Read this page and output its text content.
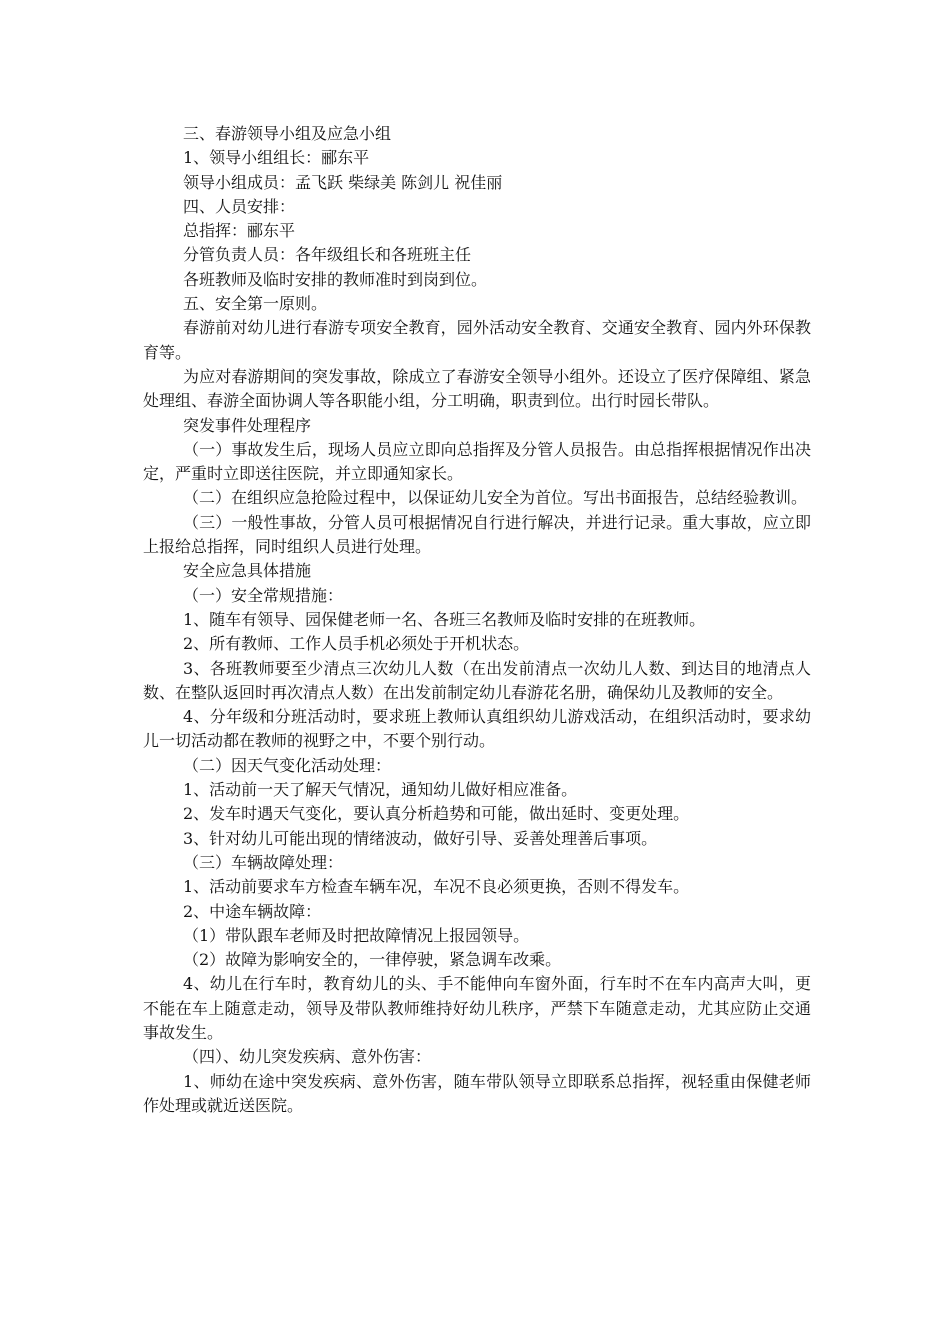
三、春游领导小组及应急小组

1、领导小组组长：郦东平

领导小组成员：孟飞跃 柴绿美 陈剑儿 祝佳丽

四、人员安排：

总指挥：郦东平

分管负责人员：各年级组长和各班班主任

各班教师及临时安排的教师准时到岗到位。

五、安全第一原则。

春游前对幼儿进行春游专项安全教育，园外活动安全教育、交通安全教育、园内外环保教育等。

为应对春游期间的突发事故，除成立了春游安全领导小组外。还设立了医疗保障组、紧急处理组、春游全面协调人等各职能小组，分工明确，职责到位。出行时园长带队。

突发事件处理程序

（一）事故发生后，现场人员应立即向总指挥及分管人员报告。由总指挥根据情况作出决定，严重时立即送往医院，并立即通知家长。

（二）在组织应急抢险过程中，以保证幼儿安全为首位。写出书面报告，总结经验教训。

（三）一般性事故，分管人员可根据情况自行进行解决，并进行记录。重大事故，应立即上报给总指挥，同时组织人员进行处理。

安全应急具体措施

（一）安全常规措施：

1、随车有领导、园保健老师一名、各班三名教师及临时安排的在班教师。

2、所有教师、工作人员手机必须处于开机状态。

3、各班教师要至少清点三次幼儿人数（在出发前清点一次幼儿人数、到达目的地清点人数、在整队返回时再次清点人数）在出发前制定幼儿春游花名册，确保幼儿及教师的安全。

4、分年级和分班活动时，要求班上教师认真组织幼儿游戏活动，在组织活动时，要求幼儿一切活动都在教师的视野之中，不要个别行动。

（二）因天气变化活动处理：

1、活动前一天了解天气情况，通知幼儿做好相应准备。

2、发车时遇天气变化，要认真分析趋势和可能，做出延时、变更处理。

3、针对幼儿可能出现的情绪波动，做好引导、妥善处理善后事项。

（三）车辆故障处理：

1、活动前要求车方检查车辆车况，车况不良必须更换，否则不得发车。

2、中途车辆故障：

（1）带队跟车老师及时把故障情况上报园领导。

（2）故障为影响安全的，一律停驶，紧急调车改乘。

4、幼儿在行车时，教育幼儿的头、手不能伸向车窗外面，行车时不在车内高声大叫，更不能在车上随意走动，领导及带队教师维持好幼儿秩序，严禁下车随意走动，尤其应防止交通事故发生。

（四）、幼儿突发疾病、意外伤害：

1、师幼在途中突发疾病、意外伤害，随车带队领导立即联系总指挥，视轻重由保健老师作处理或就近送医院。
